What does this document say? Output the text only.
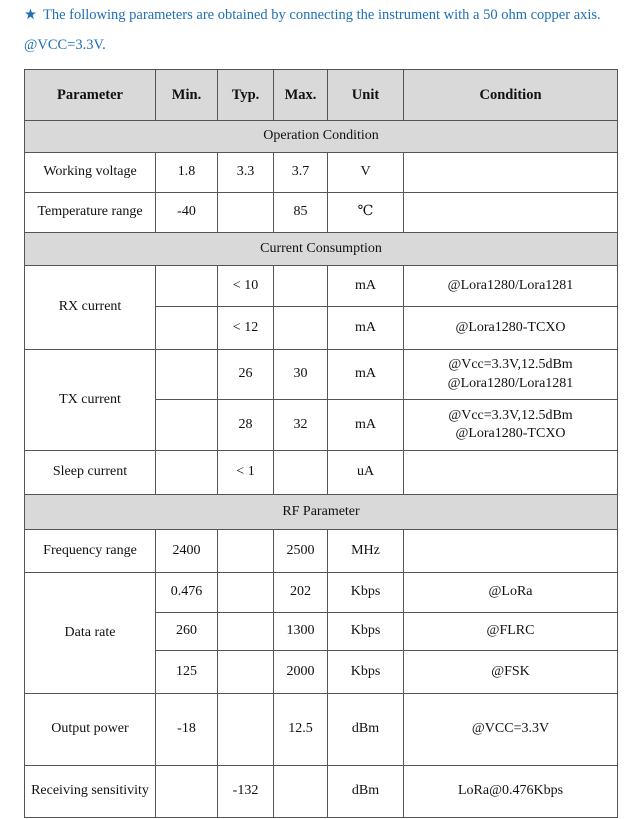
★ The following parameters are obtained by connecting the instrument with a 50 ohm copper axis.
@VCC=3.3V.
Parameter	Min.	Typ.	Max.	Unit	Condition
Operation Condition					
Working voltage	1.8	3.3	3.7	V	
Temperature range	-40		85	℃	
Current Consumption					
RX current		< 10		mA	@Lora1280/Lora1281
		< 12		mA	@Lora1280-TCXO
TX current		26	30	mA	@Vcc=3.3V,12.5dBm
@Lora1280/Lora1281

		28	32	mA	@Vcc=3.3V,12.5dBm
@Lora1280-TCXO

Sleep current		< 1		uA	
RF Parameter					
Frequency range	2400		2500	MHz	
Data rate	0.476		202	Kbps	@LoRa
	260		1300	Kbps	@FLRC
	125		2000	Kbps	@FSK
Output power	-18		12.5	dBm	@VCC=3.3V
Receiving sensitivity		-132		dBm	LoRa@0.476Kbps
